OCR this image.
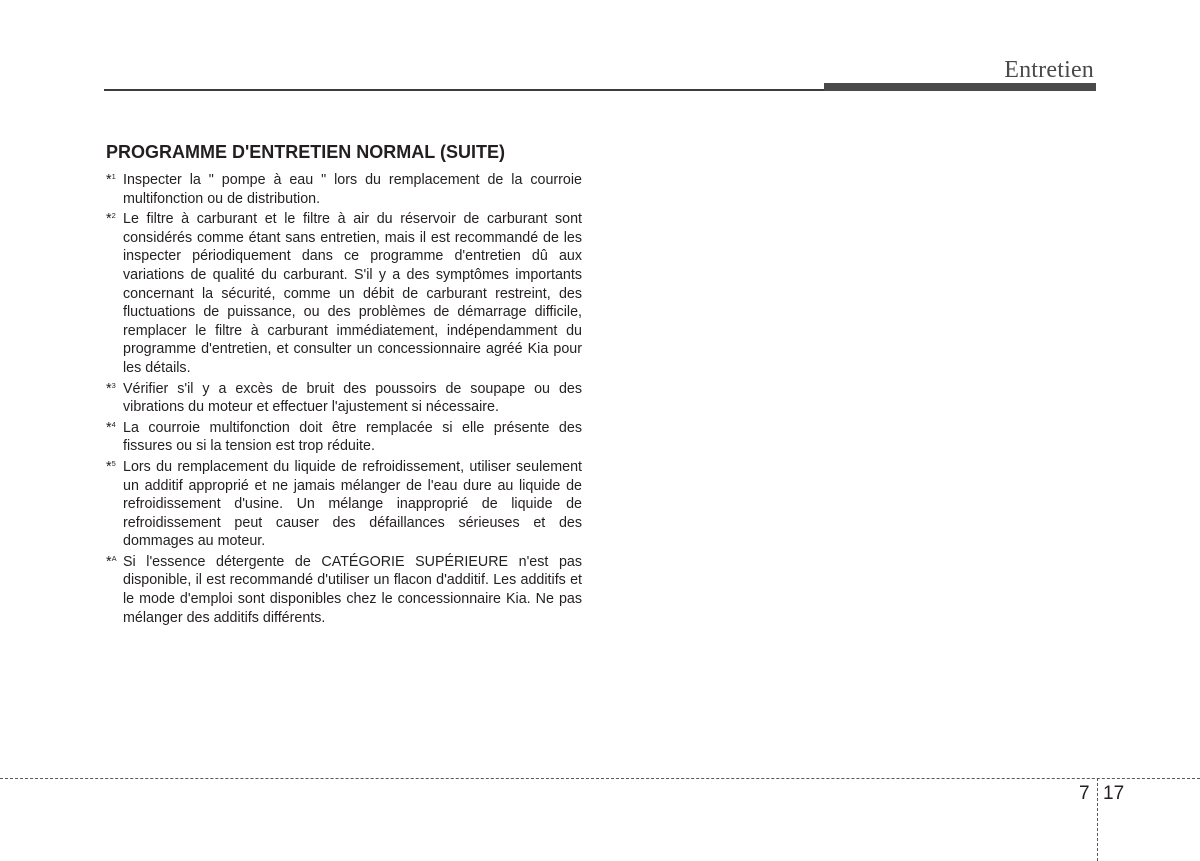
Entretien
PROGRAMME D'ENTRETIEN NORMAL (SUITE)
*$^1$ Inspecter la " pompe à eau " lors du remplacement de la courroie multifonction ou de distribution.
*$^2$ Le filtre à carburant et le filtre à air du réservoir de carburant sont considérés comme étant sans entretien, mais il est recommandé de les inspecter périodiquement dans ce programme d'entretien dû aux variations de qualité du carburant. S'il y a des symptômes importants concernant la sécurité, comme un débit de carburant restreint, des fluctuations de puissance, ou des problèmes de démarrage difficile, remplacer le filtre à carburant immédiatement, indépendamment du programme d'entretien, et consulter un concessionnaire agréé Kia pour les détails.
*$^3$ Vérifier s'il y a excès de bruit des poussoirs de soupape ou des vibrations du moteur et effectuer l'ajustement si nécessaire.
*$^4$ La courroie multifonction doit être remplacée si elle présente des fissures ou si la tension est trop réduite.
*$^5$ Lors du remplacement du liquide de refroidissement, utiliser seulement un additif approprié et ne jamais mélanger de l'eau dure au liquide de refroidissement d'usine. Un mélange inapproprié de liquide de refroidissement peut causer des défaillances sérieuses et des dommages au moteur.
*$^A$ Si l'essence détergente de CATÉGORIE SUPÉRIEURE n'est pas disponible, il est recommandé d'utiliser un flacon d'additif. Les additifs et le mode d'emploi sont disponibles chez le concessionnaire Kia. Ne pas mélanger des additifs différents.
7 17
